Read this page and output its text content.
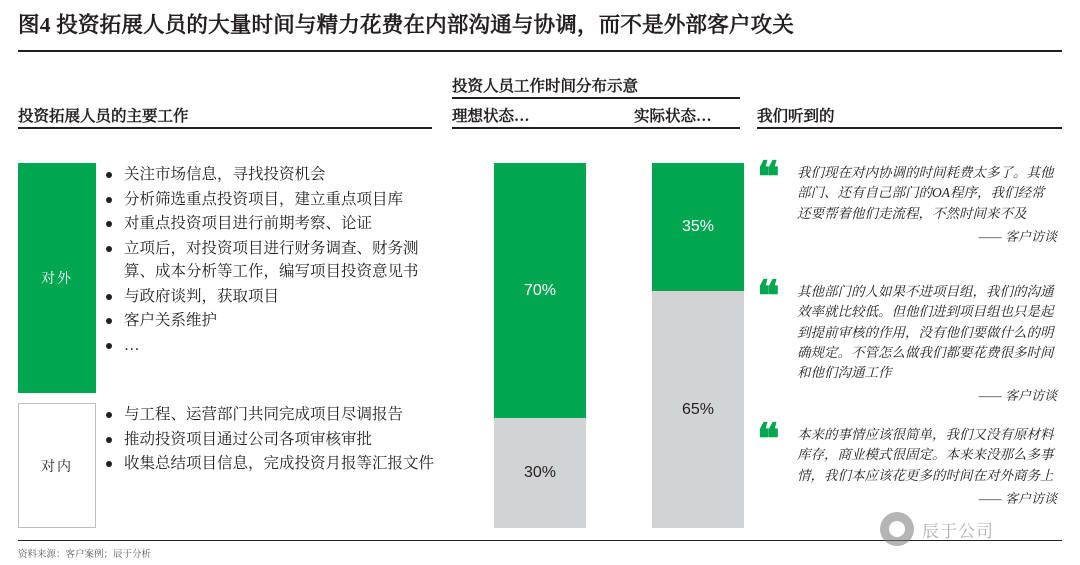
图4 投资拓展人员的大量时间与精力花费在内部沟通与协调，而不是外部客户攻关
投资拓展人员的主要工作
投资人员工作时间分布示意
理想状态…	实际状态…	我们听到的
对外
关注市场信息，寻找投资机会
分析筛选重点投资项目，建立重点项目库
对重点投资项目进行前期考察、论证
立项后，对投资项目进行财务调查、财务测算、成本分析等工作，编写项目投资意见书
与政府谈判，获取项目
客户关系维护
…
对内
与工程、运营部门共同完成项目尽调报告
推动投资项目通过公司各项审核审批
收集总结项目信息，完成投资月报等汇报文件
70%
30%
35%
65%
❝ 我们现在对内协调的时间耗费太多了。其他部门、还有自己部门的OA程序，我们经常还要帮着他们走流程，不然时间来不及
—— 客户访谈
❝ 其他部门的人如果不进项目组，我们的沟通效率就比较低。但他们进到项目组也只是起到提前审核的作用，没有他们要做什么的明确规定。不管怎么做我们都要花费很多时间和他们沟通工作
—— 客户访谈
❝ 本来的事情应该很简单，我们又没有原材料库存，商业模式很固定。本来来没那么多事情，我们本应该花更多的时间在对外商务上
—— 客户访谈
资料来源：客户案例；辰于分析
辰于公司
